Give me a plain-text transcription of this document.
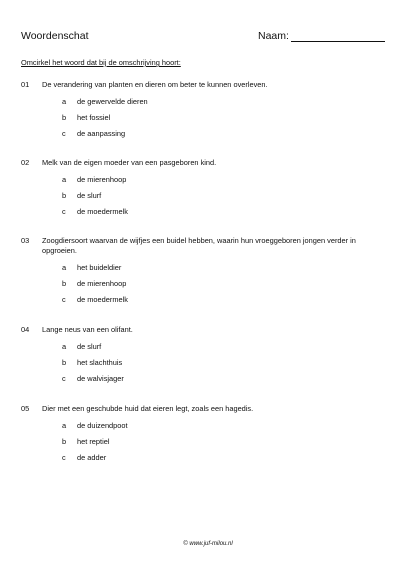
Woordenschat	Naam:
Omcirkel het woord dat bij de omschrijving hoort:
01 De verandering van planten en dieren om beter te kunnen overleven.
a de gewervelde dieren
b het fossiel
c de aanpassing
02 Melk van de eigen moeder van een pasgeboren kind.
a de mierenhoop
b de slurf
c de moedermelk
03 Zoogdiersoort waarvan de wijfjes een buidel hebben, waarin hun vroeggeboren jongen verder in opgroeien.
a het buideldier
b de mierenhoop
c de moedermelk
04 Lange neus van een olifant.
a de slurf
b het slachthuis
c de walvisjager
05 Dier met een geschubde huid dat eieren legt, zoals een hagedis.
a de duizendpoot
b het reptiel
c de adder
© www.juf-milou.nl
